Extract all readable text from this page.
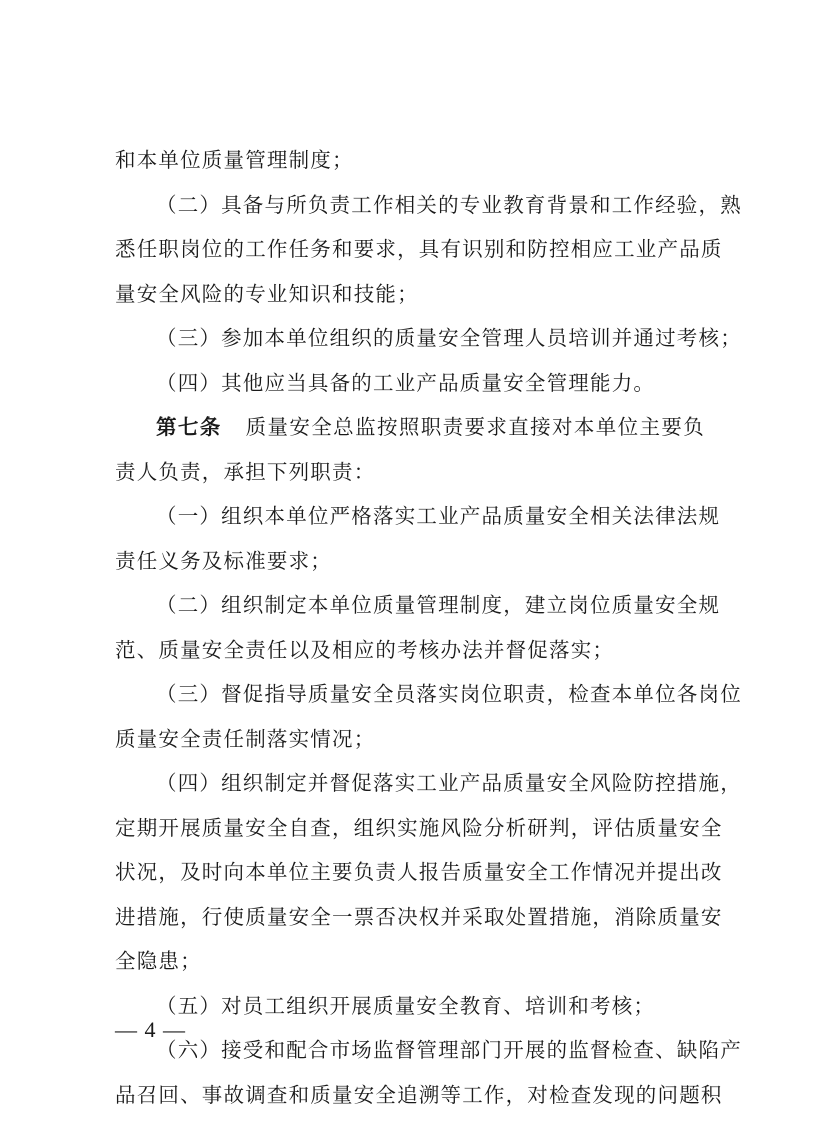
和本单位质量管理制度；
（二）具备与所负责工作相关的专业教育背景和工作经验，熟
悉任职岗位的工作任务和要求，具有识别和防控相应工业产品质
量安全风险的专业知识和技能；
（三）参加本单位组织的质量安全管理人员培训并通过考核；
（四）其他应当具备的工业产品质量安全管理能力。
第七条 质量安全总监按照职责要求直接对本单位主要负
责人负责，承担下列职责：
（一）组织本单位严格落实工业产品质量安全相关法律法规
责任义务及标准要求；
（二）组织制定本单位质量管理制度，建立岗位质量安全规
范、质量安全责任以及相应的考核办法并督促落实；
（三）督促指导质量安全员落实岗位职责，检查本单位各岗位
质量安全责任制落实情况；
（四）组织制定并督促落实工业产品质量安全风险防控措施，
定期开展质量安全自查，组织实施风险分析研判，评估质量安全
状况，及时向本单位主要负责人报告质量安全工作情况并提出改
进措施，行使质量安全一票否决权并采取处置措施，消除质量安
全隐患；
（五）对员工组织开展质量安全教育、培训和考核；
（六）接受和配合市场监督管理部门开展的监督检查、缺陷产
品召回、事故调查和质量安全追溯等工作，对检查发现的问题积
— 4 —
